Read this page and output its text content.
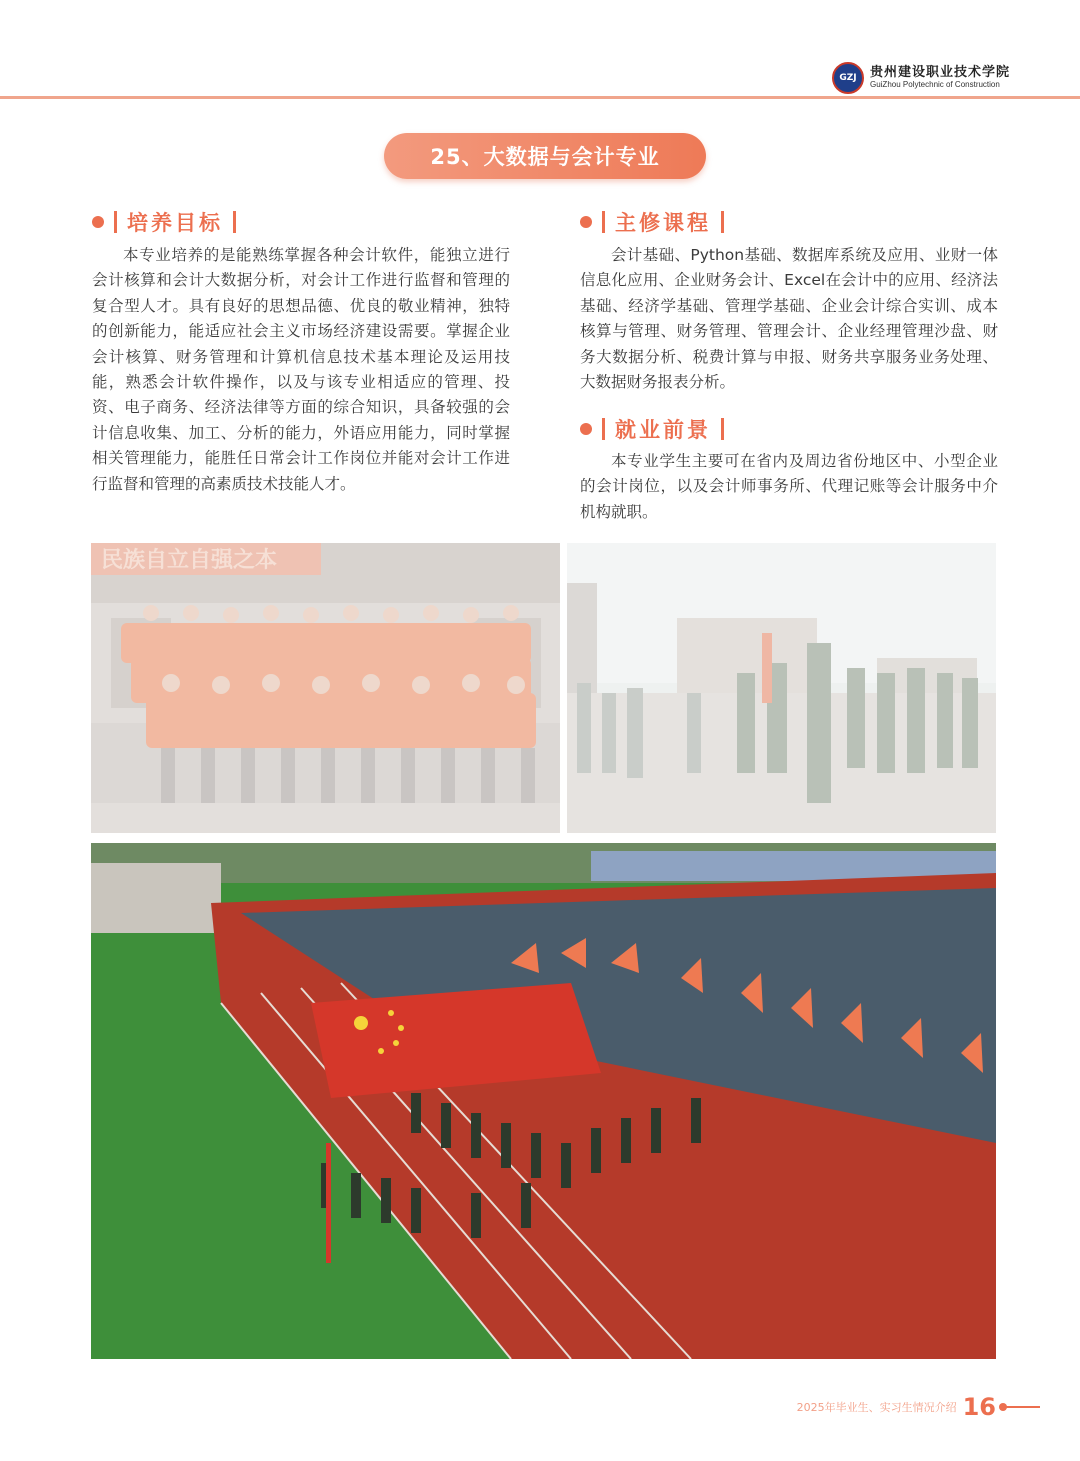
GZJ	贵州建设职业技术学院
GuiZhou Polytechnic of Construction
25、大数据与会计专业
培养目标

本专业培养的是能熟练掌握各种会计软件，能独立进行会计核算和会计大数据分析，对会计工作进行监督和管理的复合型人才。具有良好的思想品德、优良的敬业精神，独特的创新能力，能适应社会主义市场经济建设需要。掌握企业会计核算、财务管理和计算机信息技术基本理论及运用技能，熟悉会计软件操作，以及与该专业相适应的管理、投资、电子商务、经济法律等方面的综合知识，具备较强的会计信息收集、加工、分析的能力，外语应用能力，同时掌握相关管理能力，能胜任日常会计工作岗位并能对会计工作进行监督和管理的高素质技术技能人才。

主修课程

会计基础、Python基础、数据库系统及应用、业财一体信息化应用、企业财务会计、Excel在会计中的应用、经济法基础、经济学基础、管理学基础、企业会计综合实训、成本核算与管理、财务管理、管理会计、企业经理管理沙盘、财务大数据分析、税费计算与申报、财务共享服务业务处理、大数据财务报表分析。

就业前景

本专业学生主要可在省内及周边省份地区中、小型企业的会计岗位，以及会计师事务所、代理记账等会计服务中介机构就职。

民族自立自强之本
2025年毕业生、实习生情况介绍 16
